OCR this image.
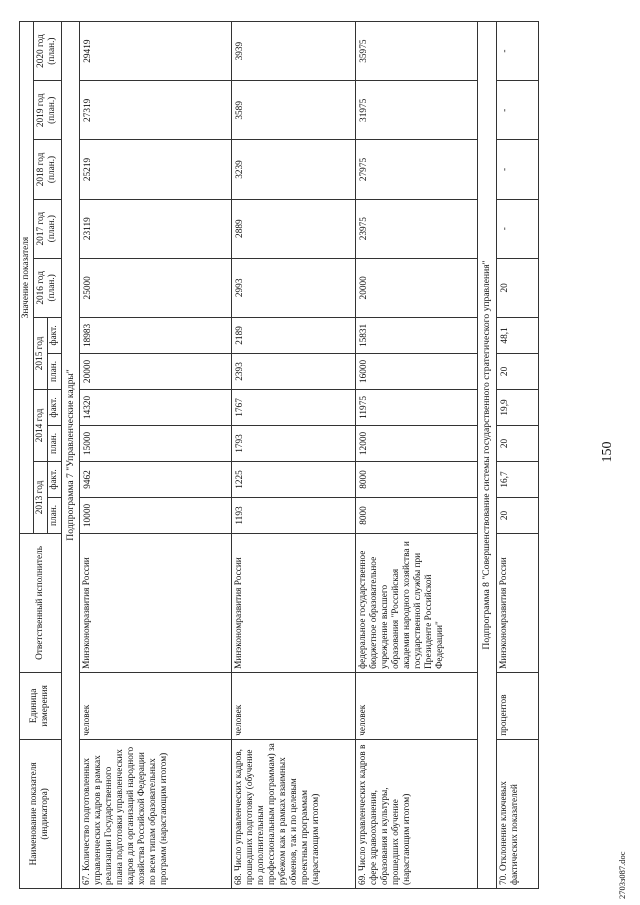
150
2703з087.doc
Наименование показателя (индикатора)	Единица измерения	Ответственный исполнитель	Значение показателя										
			2013 год		2014 год		2015 год		2016 год (план.)	2017 год (план.)	2018 год (план.)	2019 год (план.)	2020 год (план.)
			план.	факт.	план.	факт.	план.	факт.					
Подпрограмма 7 "Управленческие кадры"													
67. Количество подготовленных управленческих кадров в рамках реализации Государственного плана подготовки управленческих кадров для организаций народного хозяйства Российской Федерации по всем типам образовательных программ (нарастающим итогом)	человек	Минэкономразвития России	10000	9462	15000	14320	20000	18983	25000	23119	25219	27319	29419
68. Число управленческих кадров, прошедших подготовку (обучение по дополнительным профессиональным программам) за рубежом как в рамках взаимных обменов, так и по целевым проектным программам (нарастающим итогом)	человек	Минэкономразвития России	1193	1225	1793	1767	2393	2189	2993	2889	3239	3589	3939
69. Число управленческих кадров в сфере здравоохранения, образования и культуры, прошедших обучение (нарастающим итогом)	человек	федеральное государственное бюджетное образовательное учреждение высшего образования "Российская академия народного хозяйства и государственной службы при Президенте Российской Федерации"	8000	8000	12000	11975	16000	15831	20000	23975	27975	31975	35975
Подпрограмма 8 "Совершенствование системы государственного стратегического управления"													
70. Отклонение ключевых фактических показателей	процентов	Минэкономразвития России	20	16,7	20	19,9	20	48,1	20	-	-	-	-
